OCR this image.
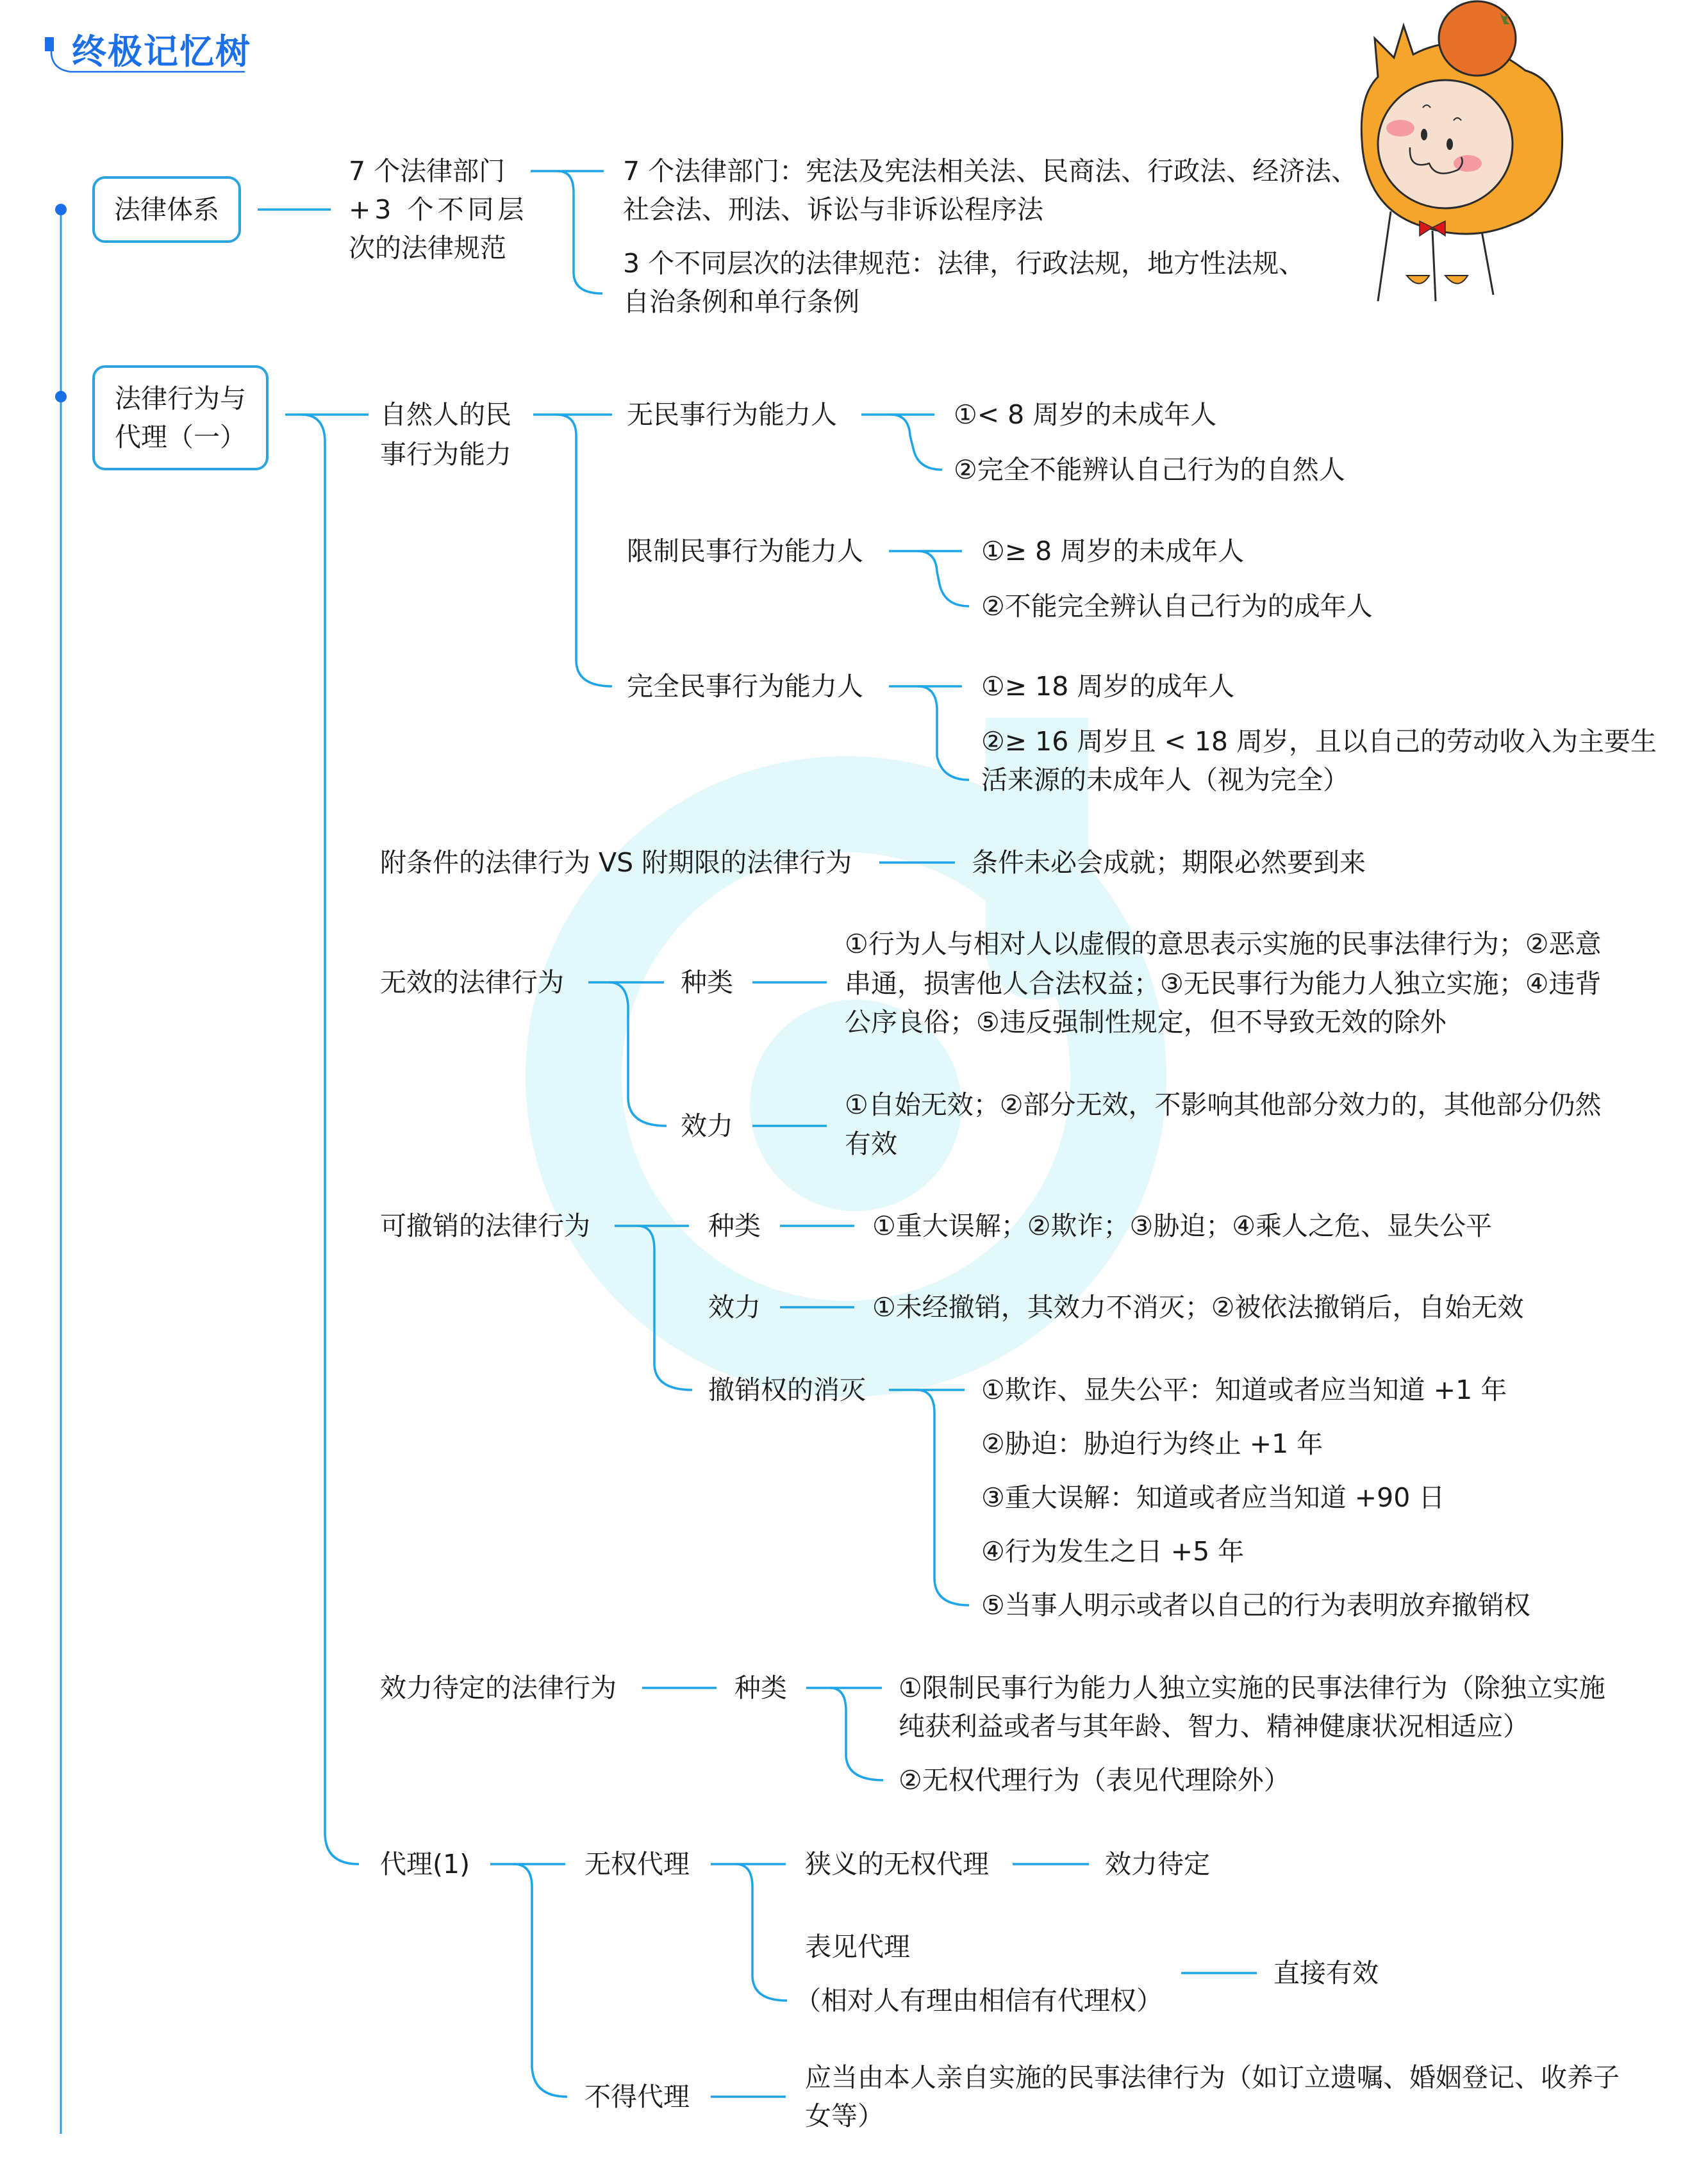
终极记忆树
法律体系
7 个法律部门
+3 个不同层
次的法律规范
7 个法律部门：宪法及宪法相关法、民商法、行政法、经济法、
社会法、刑法、诉讼与非诉讼程序法
3 个不同层次的法律规范：法律，行政法规，地方性法规、
自治条例和单行条例
法律行为与
代理（一）
自然人的民
事行为能力
无民事行为能力人	①< 8 周岁的未成年人
②完全不能辨认自己行为的自然人
限制民事行为能力人	①≥ 8 周岁的未成年人
②不能完全辨认自己行为的成年人
完全民事行为能力人	①≥ 18 周岁的成年人
②≥ 16 周岁且 < 18 周岁，且以自己的劳动收入为主要生
活来源的未成年人（视为完全）
附条件的法律行为 VS 附期限的法律行为	条件未必会成就；期限必然要到来
无效的法律行为	种类
①行为人与相对人以虚假的意思表示实施的民事法律行为；②恶意
串通，损害他人合法权益；③无民事行为能力人独立实施；④违背
公序良俗；⑤违反强制性规定，但不导致无效的除外
效力
①自始无效；②部分无效，不影响其他部分效力的，其他部分仍然
有效
可撤销的法律行为	种类	①重大误解；②欺诈；③胁迫；④乘人之危、显失公平
效力	①未经撤销，其效力不消灭；②被依法撤销后，自始无效
撤销权的消灭	①欺诈、显失公平：知道或者应当知道 +1 年
②胁迫：胁迫行为终止 +1 年
③重大误解：知道或者应当知道 +90 日
④行为发生之日 +5 年
⑤当事人明示或者以自己的行为表明放弃撤销权
效力待定的法律行为	种类	①限制民事行为能力人独立实施的民事法律行为（除独立实施
纯获利益或者与其年龄、智力、精神健康状况相适应）
②无权代理行为（表见代理除外）
代理(1)	无权代理	狭义的无权代理	效力待定
表见代理
（相对人有理由相信有代理权）
直接有效
不得代理
应当由本人亲自实施的民事法律行为（如订立遗嘱、婚姻登记、收养子
女等）
